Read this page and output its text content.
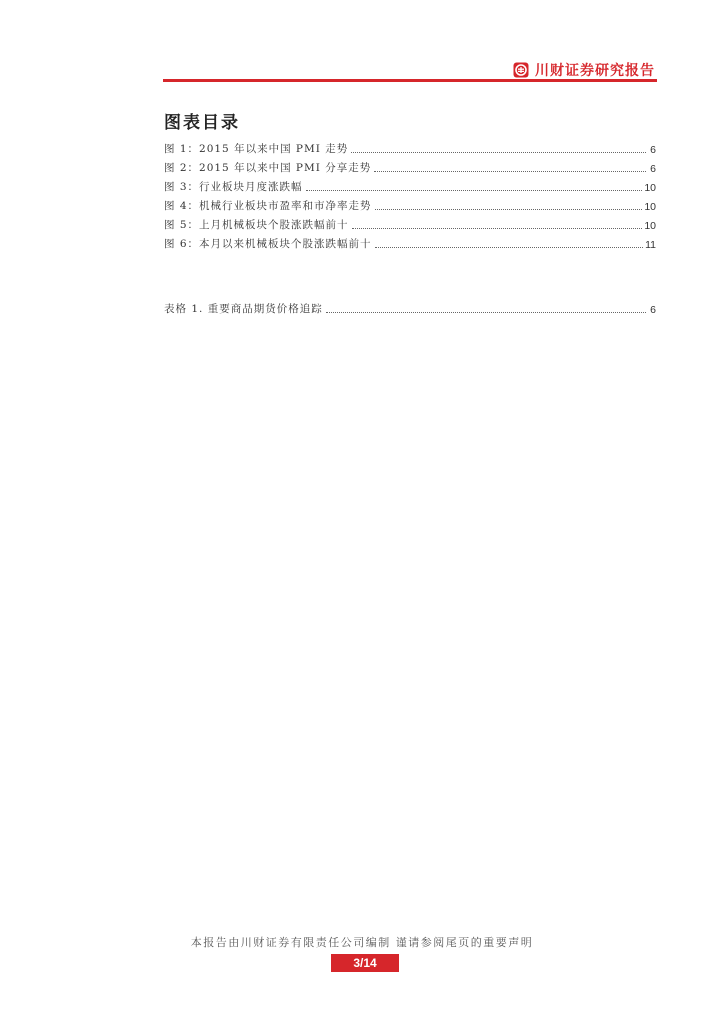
川财证券研究报告
图表目录
图 1：2015 年以来中国 PMI 走势	6
图 2：2015 年以来中国 PMI 分享走势	6
图 3：行业板块月度涨跌幅	10
图 4：机械行业板块市盈率和市净率走势	10
图 5：上月机械板块个股涨跌幅前十	10
图 6：本月以来机械板块个股涨跌幅前十	11
表格 1. 重要商品期货价格追踪	6
本报告由川财证券有限责任公司编制 谨请参阅尾页的重要声明
3/14
